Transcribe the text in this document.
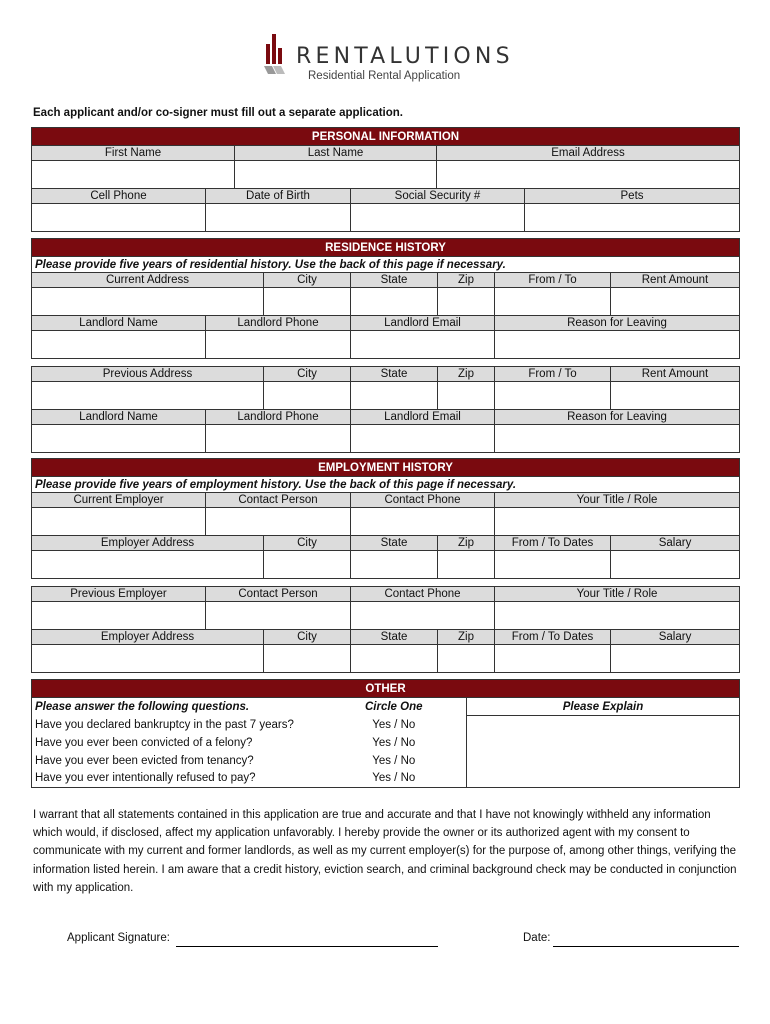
RENTALUTIONS
Residential Rental Application
Each applicant and/or co-signer must fill out a separate application.
PERSONAL INFORMATION					
First Name		Last Name		Email Address	

Cell Phone	Date of Birth		Social Security #		Pets

RESIDENCE HISTORY						
Please provide five years of residential history. Use the back of this page if necessary.						
Current Address		City	State	Zip	From / To	Rent Amount

Landlord Name	Landlord Phone		Landlord Email		Reason for Leaving	

Previous Address		City	State	Zip	From / To	Rent Amount

Landlord Name	Landlord Phone		Landlord Email		Reason for Leaving	

EMPLOYMENT HISTORY						
Please provide five years of employment history. Use the back of this page if necessary.						
Current Employer	Contact Person		Contact Phone		Your Title / Role	

Employer Address		City	State	Zip	From / To Dates	Salary

Previous Employer	Contact Person		Contact Phone		Your Title / Role	

Employer Address		City	State	Zip	From / To Dates	Salary

OTHER		
Please answer the following questions.	Circle One	Please Explain
Have you declared bankruptcy in the past 7 years?	Yes / No	
Have you ever been convicted of a felony?	Yes / No	
Have you ever been evicted from tenancy?	Yes / No	
Have you ever intentionally refused to pay?	Yes / No	
I warrant that all statements contained in this application are true and accurate and that I have not knowingly withheld any information which would, if disclosed, affect my application unfavorably. I hereby provide the owner or its authorized agent with my consent to communicate with my current and former landlords, as well as my current employer(s) for the purpose of, among other things, verifying the information listed herein. I am aware that a credit history, eviction search, and criminal background check may be conducted in conjunction with my application.
Applicant Signature:	Date:
